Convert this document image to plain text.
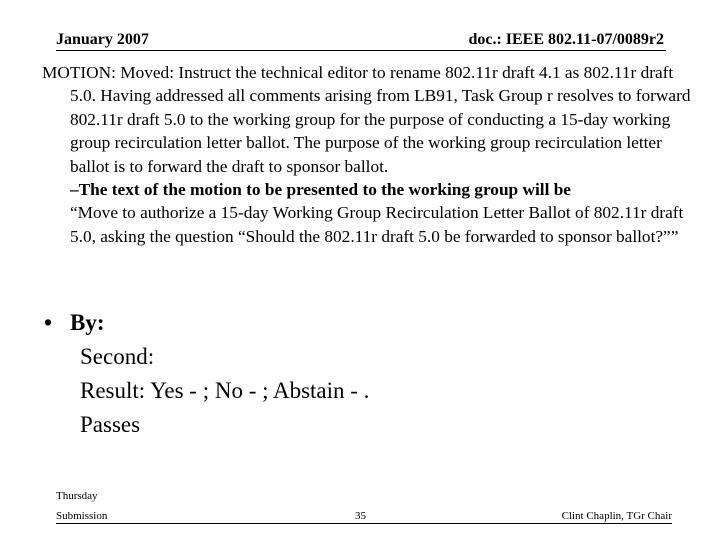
January 2007	doc.: IEEE 802.11-07/0089r2

MOTION: Moved: Instruct the technical editor to rename 802.11r draft 4.1 as 802.11r draft 5.0. Having addressed all comments arising from LB91, Task Group r resolves to forward 802.11r draft 5.0 to the working group for the purpose of conducting a 15-day working group recirculation letter ballot. The purpose of the working group recirculation letter ballot is to forward the draft to sponsor ballot.

–The text of the motion to be presented to the working group will be
“Move to authorize a 15-day Working Group Recirculation Letter Ballot of 802.11r draft 5.0, asking the question “Should the 802.11r draft 5.0 be forwarded to sponsor ballot?””

• By:
Second:
Result: Yes - ; No - ; Abstain - .
Passes
Thursday
Submission	35	Clint Chaplin, TGr Chair
